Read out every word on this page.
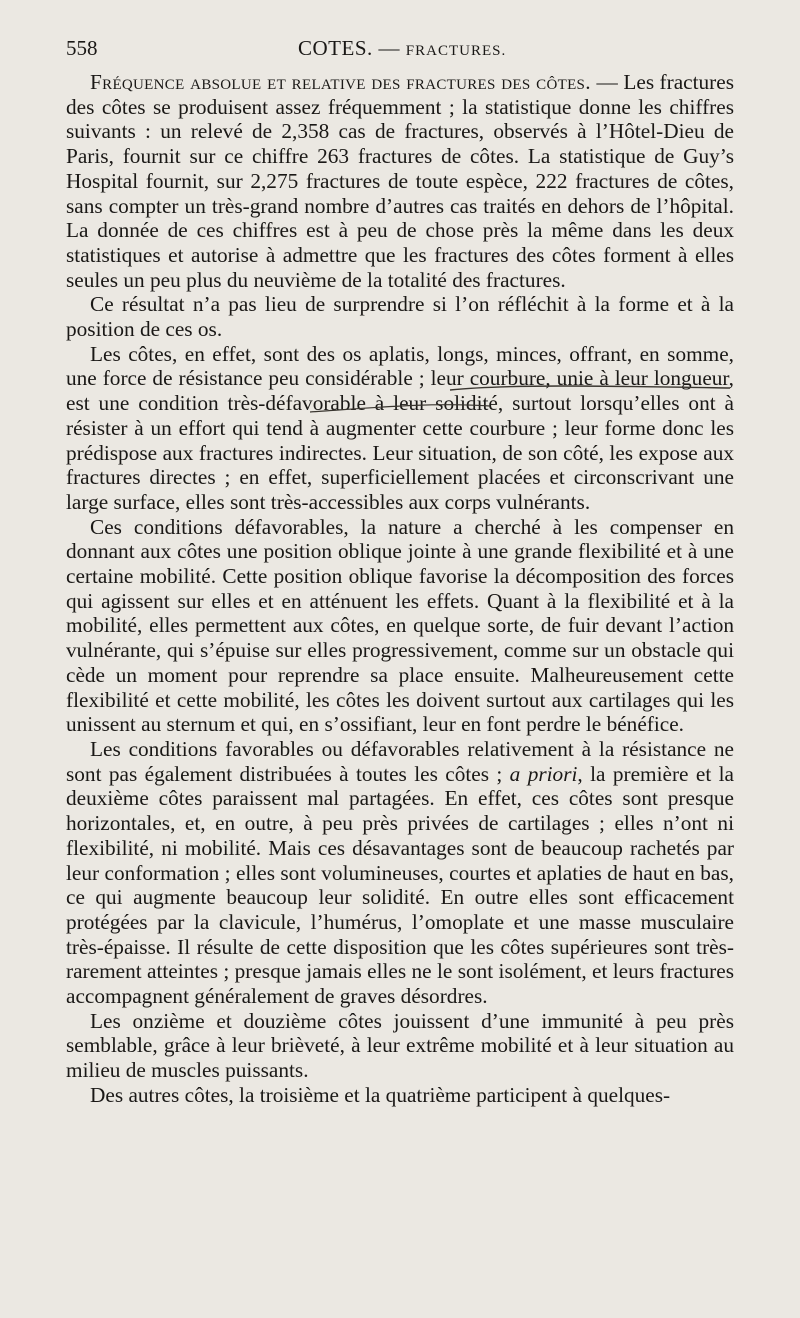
558	COTES. — FRACTURES.

Fréquence absolue et relative des fractures des côtes. — Les fractures des côtes se produisent assez fréquemment ; la statistique donne les chiffres suivants : un relevé de 2,358 cas de fractures, observés à l’Hôtel-Dieu de Paris, fournit sur ce chiffre 263 fractures de côtes. La statistique de Guy’s Hospital fournit, sur 2,275 fractures de toute espèce, 222 fractures de côtes, sans compter un très-grand nombre d’autres cas traités en dehors de l’hôpital. La donnée de ces chiffres est à peu de chose près la même dans les deux statistiques et autorise à admettre que les fractures des côtes forment à elles seules un peu plus du neuvième de la totalité des fractures.

Ce résultat n’a pas lieu de surprendre si l’on réfléchit à la forme et à la position de ces os.

Les côtes, en effet, sont des os aplatis, longs, minces, offrant, en somme, une force de résistance peu considérable ; leur courbure, unie à leur longueur, est une condition très-défavorable à leur solidité, surtout lorsqu’elles ont à résister à un effort qui tend à augmenter cette courbure ; leur forme donc les prédispose aux fractures indirectes. Leur situation, de son côté, les expose aux fractures directes ; en effet, superficiellement placées et circonscrivant une large surface, elles sont très-accessibles aux corps vulnérants.

Ces conditions défavorables, la nature a cherché à les compenser en donnant aux côtes une position oblique jointe à une grande flexibilité et à une certaine mobilité. Cette position oblique favorise la décomposition des forces qui agissent sur elles et en atténuent les effets. Quant à la flexibilité et à la mobilité, elles permettent aux côtes, en quelque sorte, de fuir devant l’action vulnérante, qui s’épuise sur elles progressivement, comme sur un obstacle qui cède un moment pour reprendre sa place ensuite. Malheureusement cette flexibilité et cette mobilité, les côtes les doivent surtout aux cartilages qui les unissent au sternum et qui, en s’ossifiant, leur en font perdre le bénéfice.

Les conditions favorables ou défavorables relativement à la résistance ne sont pas également distribuées à toutes les côtes ; a priori, la première et la deuxième côtes paraissent mal partagées. En effet, ces côtes sont presque horizontales, et, en outre, à peu près privées de cartilages ; elles n’ont ni flexibilité, ni mobilité. Mais ces désavantages sont de beaucoup rachetés par leur conformation ; elles sont volumineuses, courtes et aplaties de haut en bas, ce qui augmente beaucoup leur solidité. En outre elles sont efficacement protégées par la clavicule, l’humérus, l’omoplate et une masse musculaire très-épaisse. Il résulte de cette disposition que les côtes supérieures sont très-rarement atteintes ; presque jamais elles ne le sont isolément, et leurs fractures accompagnent généralement de graves désordres.

Les onzième et douzième côtes jouissent d’une immunité à peu près semblable, grâce à leur brièveté, à leur extrême mobilité et à leur situation au milieu de muscles puissants.

Des autres côtes, la troisième et la quatrième participent à quelques-
